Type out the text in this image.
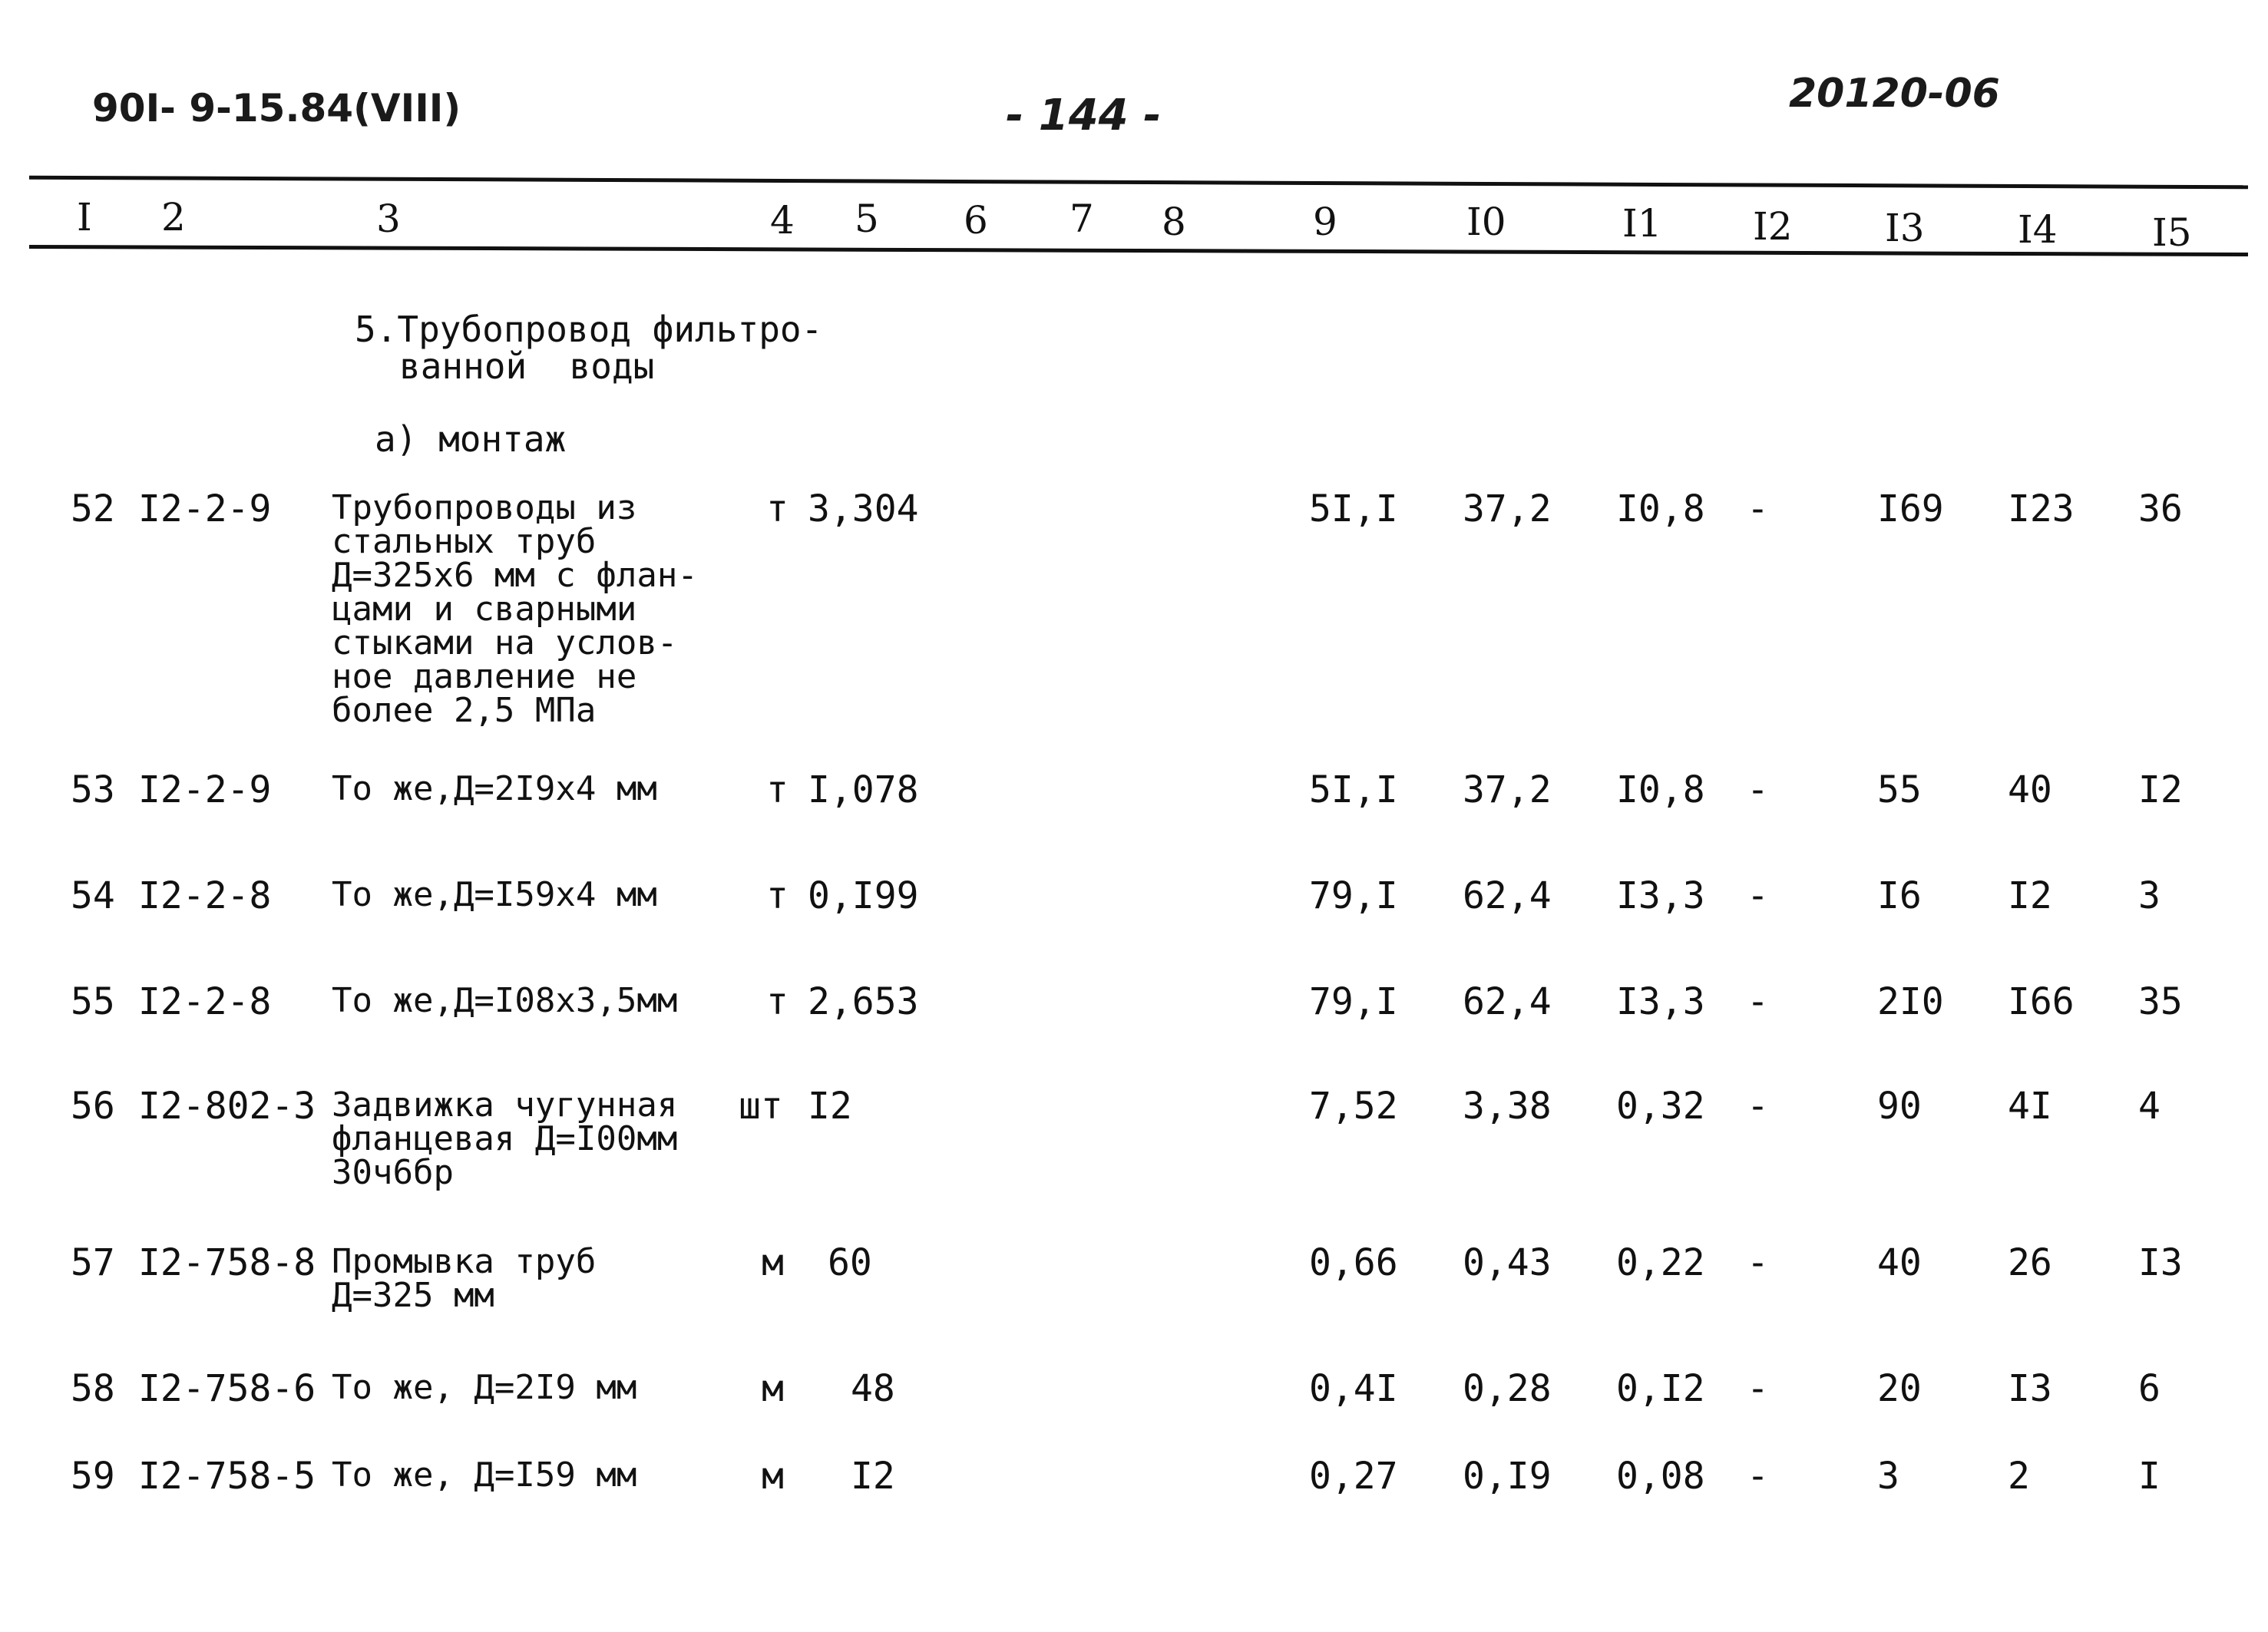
90I- 9-15.84(VIII)	- 144 -	20120-06
I 2	3	4 5 6 7 8	9	I0	I1 I2 I3 I4 I5
5.Трубопровод фильтро-
ванной  воды
а) монтаж
52 I2-2-9 Трубопроводы из
стальных труб
Д=325х6 мм с флан-
цами и сварными
стыками на услов-
ное давление не
более 2,5 МПа
т 3,304	5I,I 37,2 I0,8 -	I69 I23 36
53 I2-2-9 То же,Д=2I9х4 мм	т I,078	5I,I 37,2 I0,8 -	55 40 I2
54 I2-2-8 То же,Д=I59х4 мм	т 0,I99	79,I 62,4 I3,3 -	I6 I2 3
55 I2-2-8 То же,Д=I08х3,5мм т 2,653	79,I 62,4 I3,3 -	2I0 I66 35
56 I2-802-3 Задвижка чугунная
фланцевая Д=I00мм
30ч6бр
шт I2	7,52 3,38 0,32 -	90 4I 4
57 I2-758-8 Промывка труб
Д=325 мм
м 60	0,66 0,43 0,22 -	40 26 I3
58 I2-758-6 То же, Д=2I9 мм	м 48	0,4I 0,28 0,I2 -	20 I3 6
59 I2-758-5 То же, Д=I59 мм	м I2	0,27 0,I9 0,08 -	3	2	I
